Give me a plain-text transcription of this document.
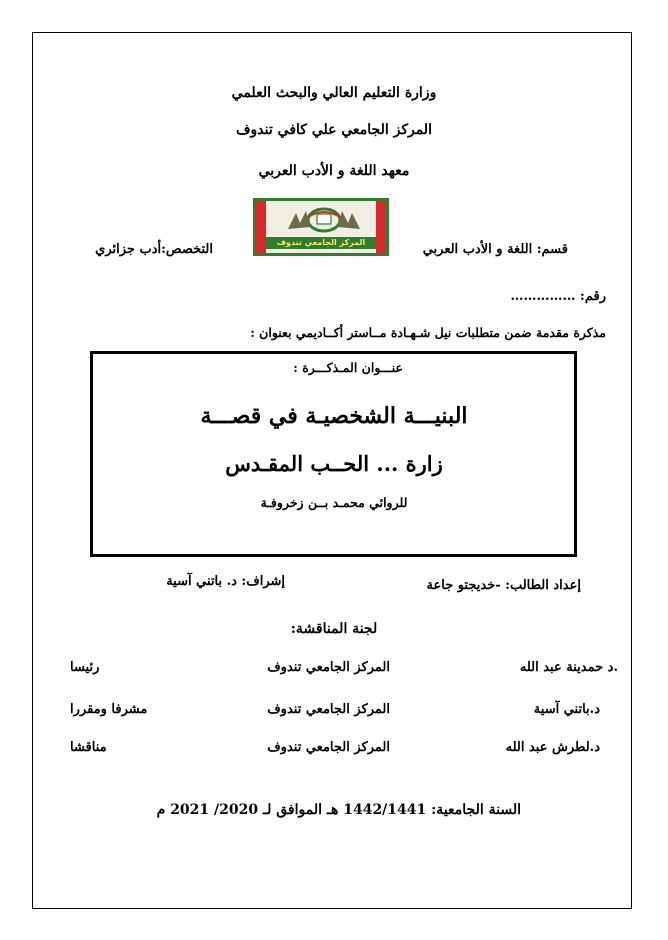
وزارة التعليم العالي والبحث العلمي
المركز الجامعي علي كافي تندوف
معهد اللغة و الأدب العربي
قسم: اللغة و الأدب العربي
المركز الجامعي تندوف
التخصص:أدب جزائري
رقم: ……………
مذكرة مقدمة ضمن متطلبات نيل شـهـادة مــاستر أكــاديمي بعنوان :
عنـــوان المـذكـــرة :
البنيـــة الشخصيـة في قصـــة
زارة ... الحــب المقـدس
للروائي محمـد بــن زخروفـة
إعداد الطالب: -خديجتو جاعة
إشراف: د. باتني آسية
لجنة المناقشة:
.د حمدينة عبد الله
المركز الجامعي تندوف
رئيسا
د.باتني آسية
المركز الجامعي تندوف
مشرفا ومقررا
د.لطرش عبد الله
المركز الجامعي تندوف
مناقشا
السنة الجامعية: 1442/1441 هـ الموافق لـ 2020/ 2021 م
